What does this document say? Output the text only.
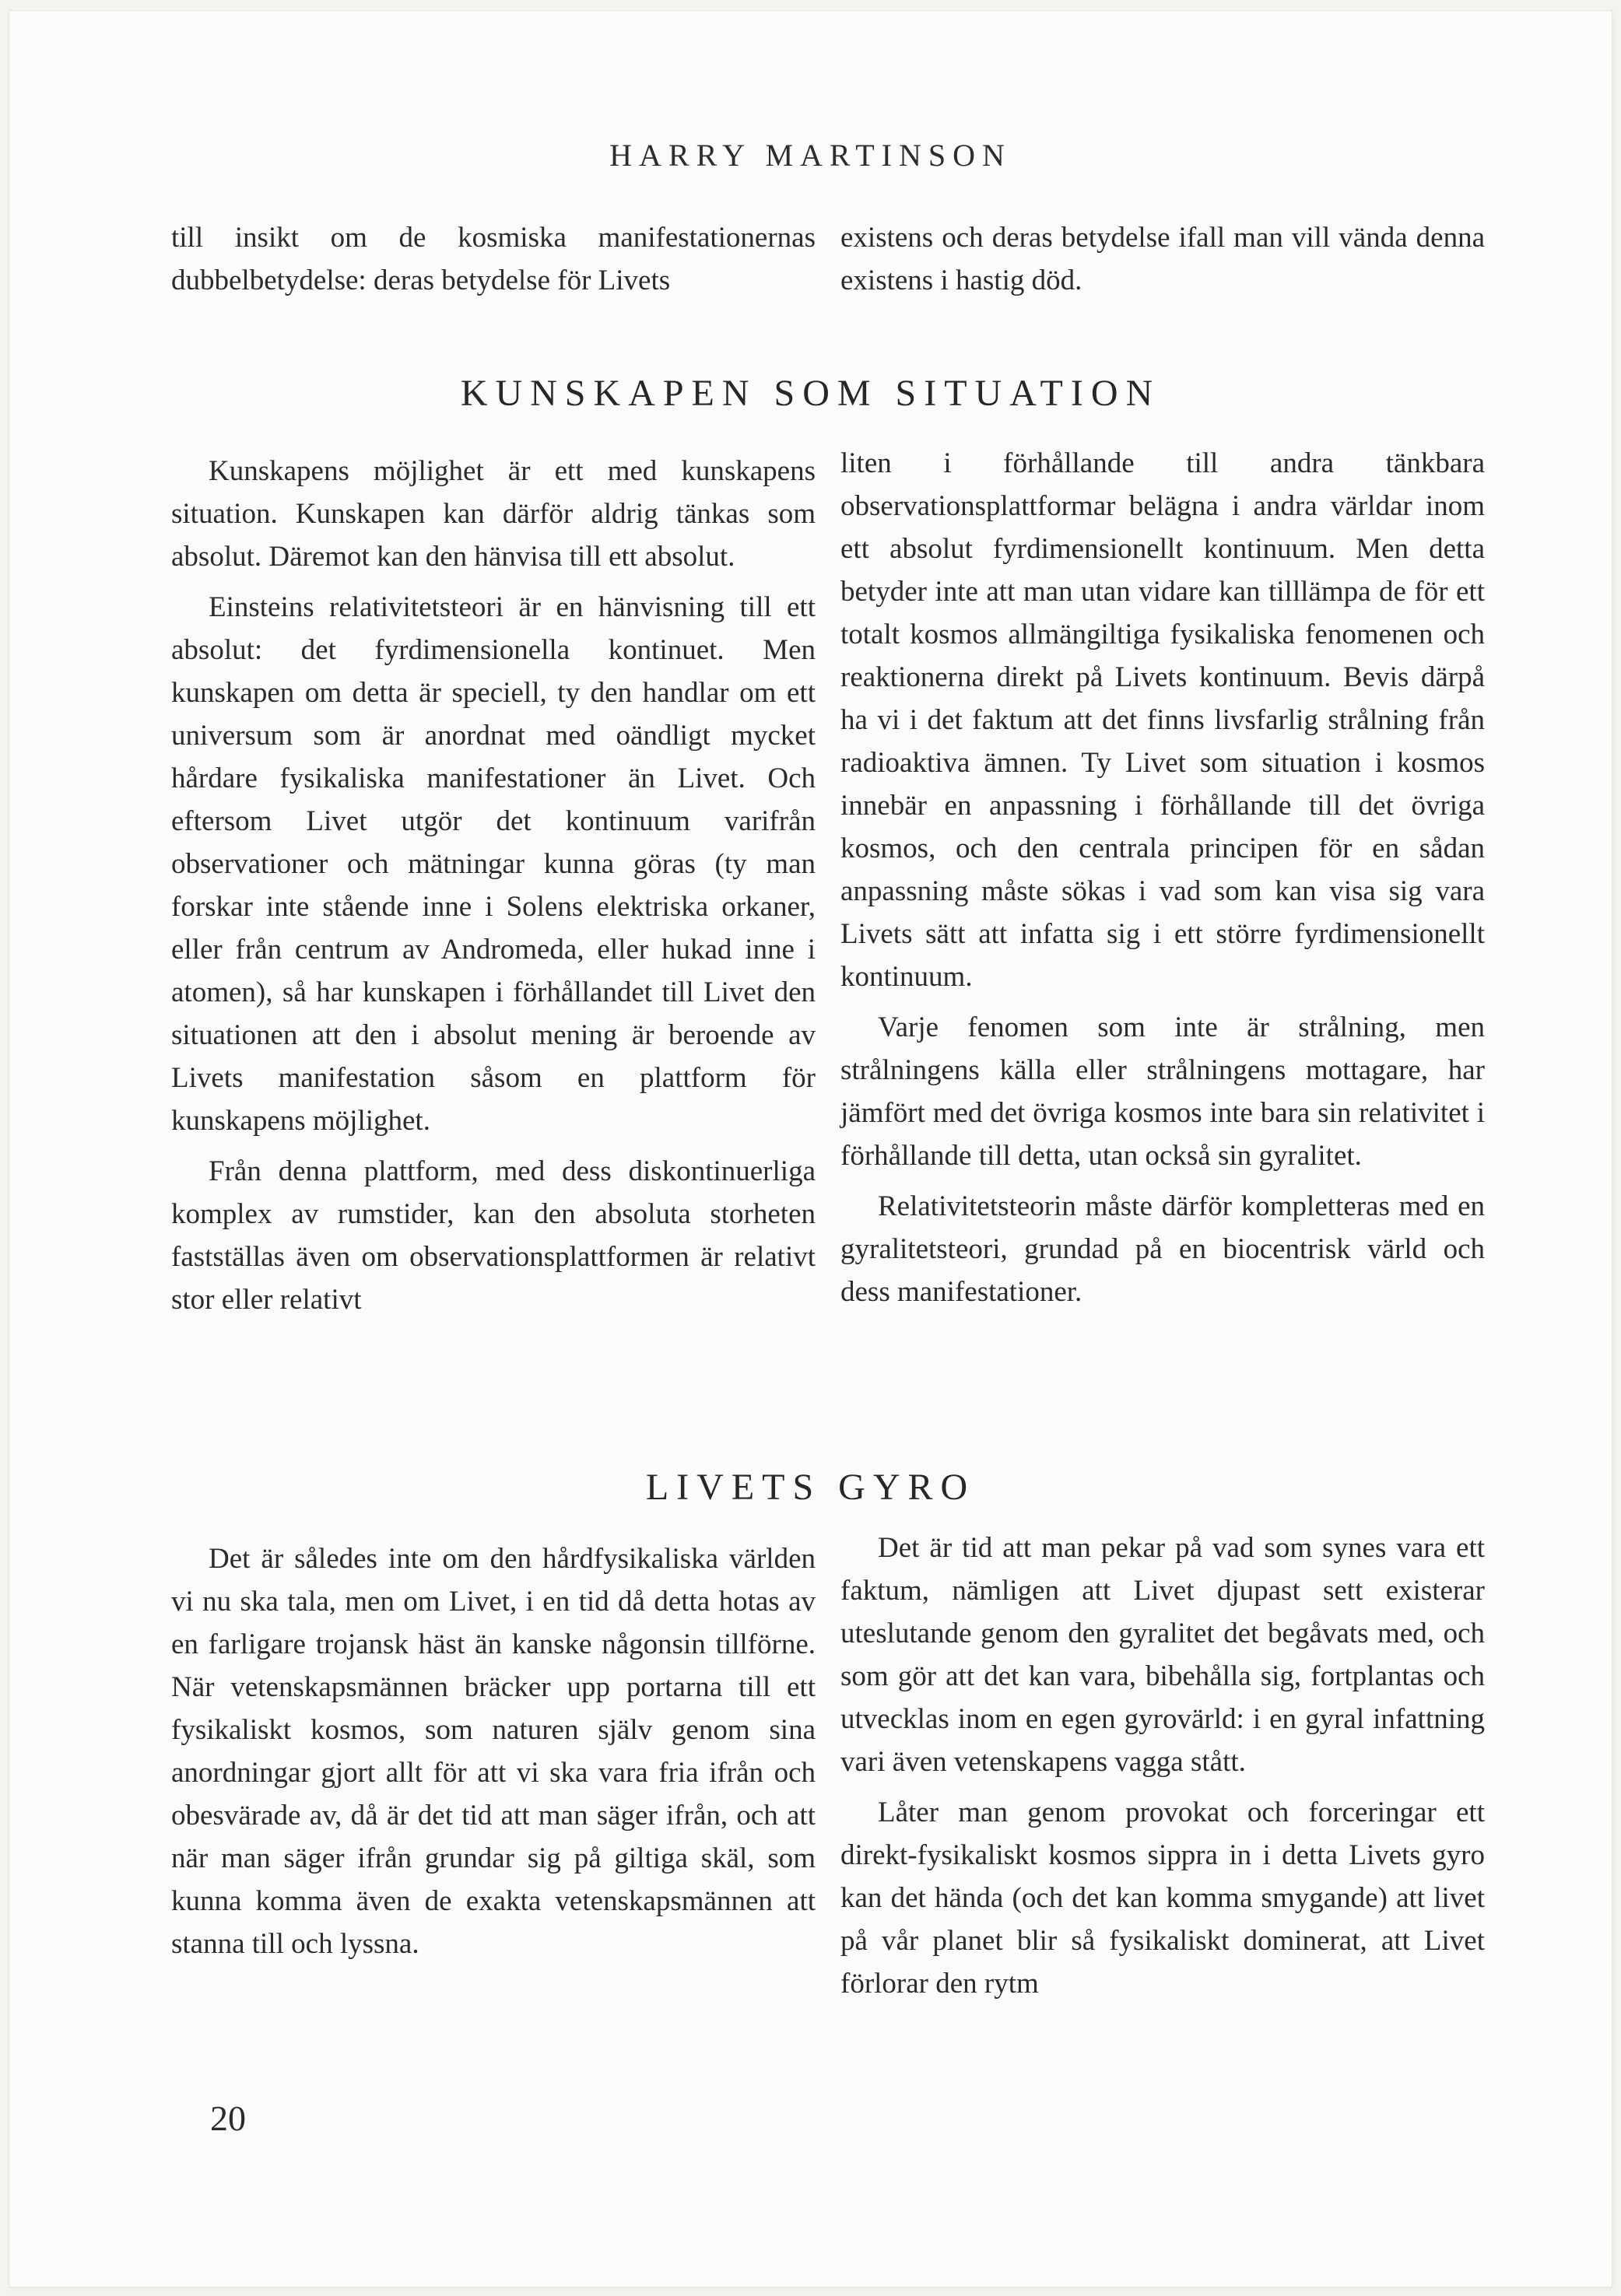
HARRY MARTINSON

till insikt om de kosmiska manifestationernas dubbelbetydelse: deras betydelse för Livets

existens och deras betydelse ifall man vill vända denna existens i hastig död.

KUNSKAPEN SOM SITUATION

Kunskapens möjlighet är ett med kunskapens situation. Kunskapen kan därför aldrig tänkas som absolut. Däremot kan den hänvisa till ett absolut.

Einsteins relativitetsteori är en hänvisning till ett absolut: det fyrdimensionella kontinuet. Men kunskapen om detta är speciell, ty den handlar om ett universum som är anordnat med oändligt mycket hårdare fysikaliska manifestationer än Livet. Och eftersom Livet utgör det kontinuum varifrån observationer och mätningar kunna göras (ty man forskar inte stående inne i Solens elektriska orkaner, eller från centrum av Andromeda, eller hukad inne i atomen), så har kunskapen i förhållandet till Livet den situationen att den i absolut mening är beroende av Livets manifestation såsom en plattform för kunskapens möjlighet.

Från denna plattform, med dess diskontinuerliga komplex av rumstider, kan den absoluta storheten fastställas även om observationsplattformen är relativt stor eller relativt

liten i förhållande till andra tänkbara observationsplattformar belägna i andra världar inom ett absolut fyrdimensionellt kontinuum. Men detta betyder inte att man utan vidare kan tilllämpa de för ett totalt kosmos allmängiltiga fysikaliska fenomenen och reaktionerna direkt på Livets kontinuum. Bevis därpå ha vi i det faktum att det finns livsfarlig strålning från radioaktiva ämnen. Ty Livet som situation i kosmos innebär en anpassning i förhållande till det övriga kosmos, och den centrala principen för en sådan anpassning måste sökas i vad som kan visa sig vara Livets sätt att infatta sig i ett större fyrdimensionellt kontinuum.

Varje fenomen som inte är strålning, men strålningens källa eller strålningens mottagare, har jämfört med det övriga kosmos inte bara sin relativitet i förhållande till detta, utan också sin gyralitet.

Relativitetsteorin måste därför kompletteras med en gyralitetsteori, grundad på en biocentrisk värld och dess manifestationer.

LIVETS GYRO

Det är således inte om den hårdfysikaliska världen vi nu ska tala, men om Livet, i en tid då detta hotas av en farligare trojansk häst än kanske någonsin tillförne. När vetenskapsmännen bräcker upp portarna till ett fysikaliskt kosmos, som naturen själv genom sina anordningar gjort allt för att vi ska vara fria ifrån och obesvärade av, då är det tid att man säger ifrån, och att när man säger ifrån grundar sig på giltiga skäl, som kunna komma även de exakta vetenskapsmännen att stanna till och lyssna.

Det är tid att man pekar på vad som synes vara ett faktum, nämligen att Livet djupast sett existerar uteslutande genom den gyralitet det begåvats med, och som gör att det kan vara, bibehålla sig, fortplantas och utvecklas inom en egen gyrovärld: i en gyral infattning vari även vetenskapens vagga stått.

Låter man genom provokat och forceringar ett direkt-fysikaliskt kosmos sippra in i detta Livets gyro kan det hända (och det kan komma smygande) att livet på vår planet blir så fysikaliskt dominerat, att Livet förlorar den rytm

20
